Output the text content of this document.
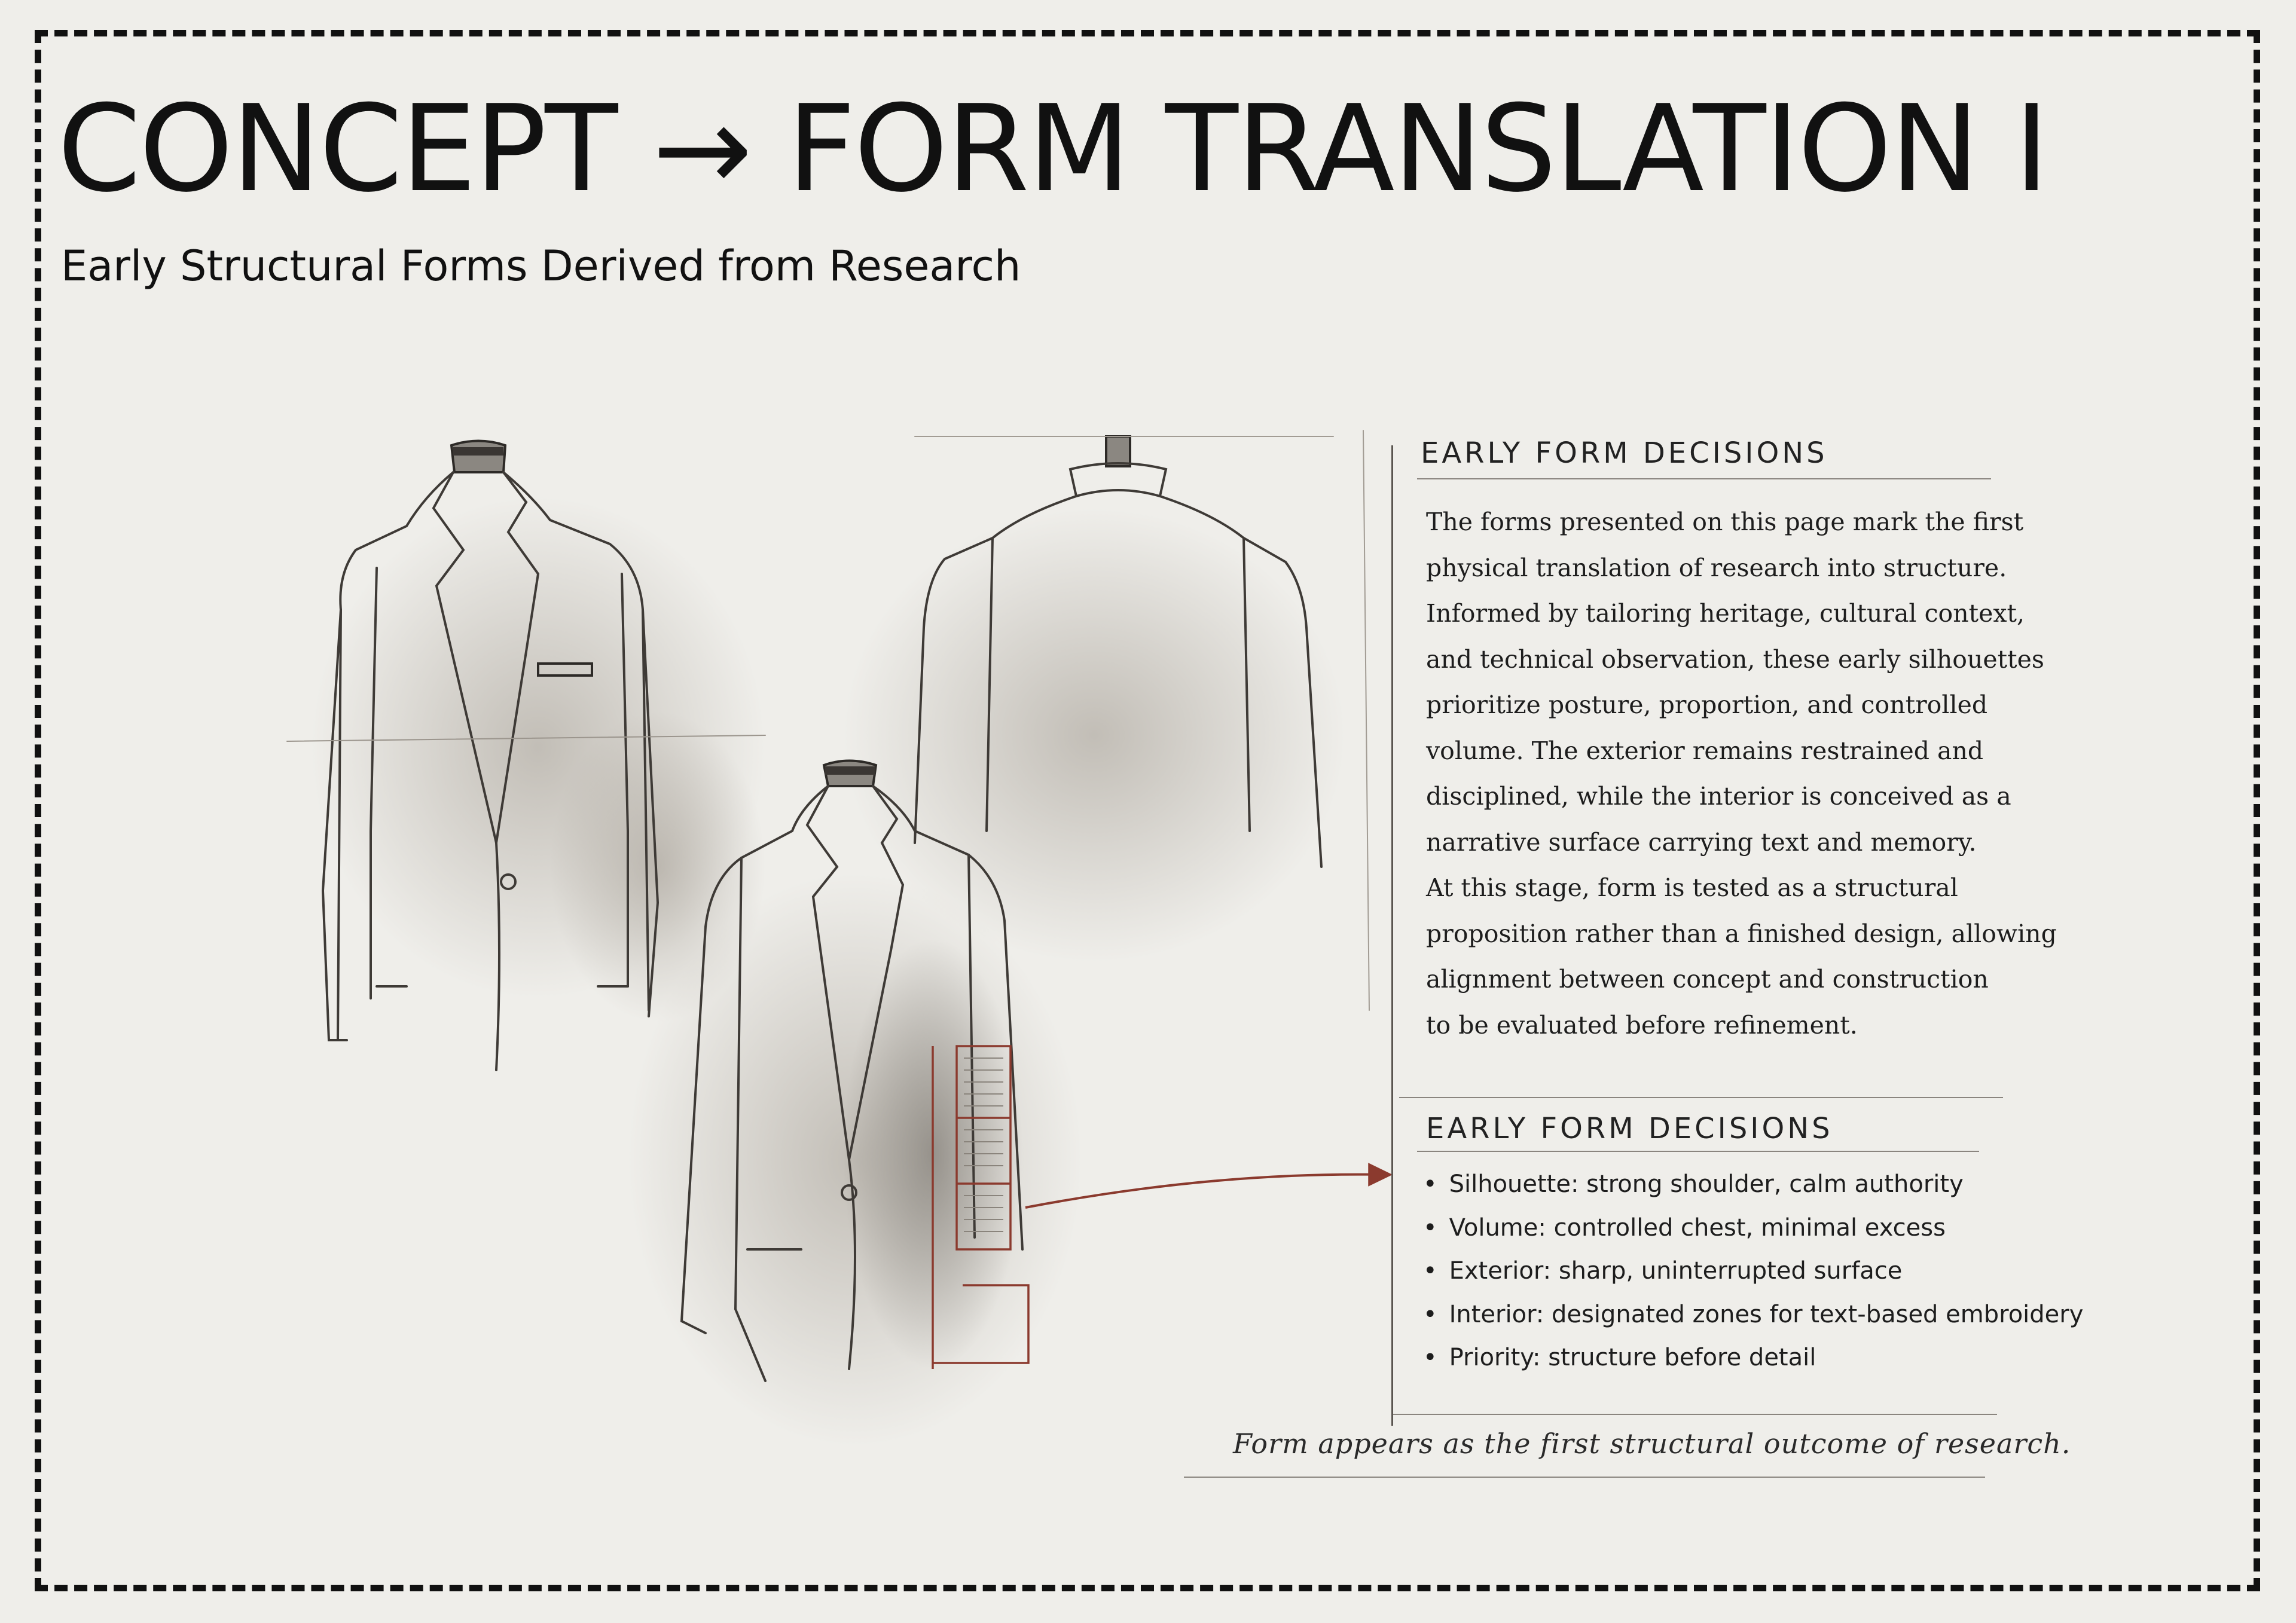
CONCEPT → FORM TRANSLATION I
Early Structural Forms Derived from Research
EARLY FORM DECISIONS
The forms presented on this page mark the first
physical translation of research into structure.
Informed by tailoring heritage, cultural context,
and technical observation, these early silhouettes
prioritize posture, proportion, and controlled
volume. The exterior remains restrained and
disciplined, while the interior is conceived as a
narrative surface carrying text and memory.
At this stage, form is tested as a structural
proposition rather than a finished design, allowing
alignment between concept and construction
to be evaluated before refinement.
EARLY FORM DECISIONS
• Silhouette: strong shoulder, calm authority
• Volume: controlled chest, minimal excess
• Exterior: sharp, uninterrupted surface
• Interior: designated zones for text-based embroidery
• Priority: structure before detail

Form appears as the first structural outcome of research.
